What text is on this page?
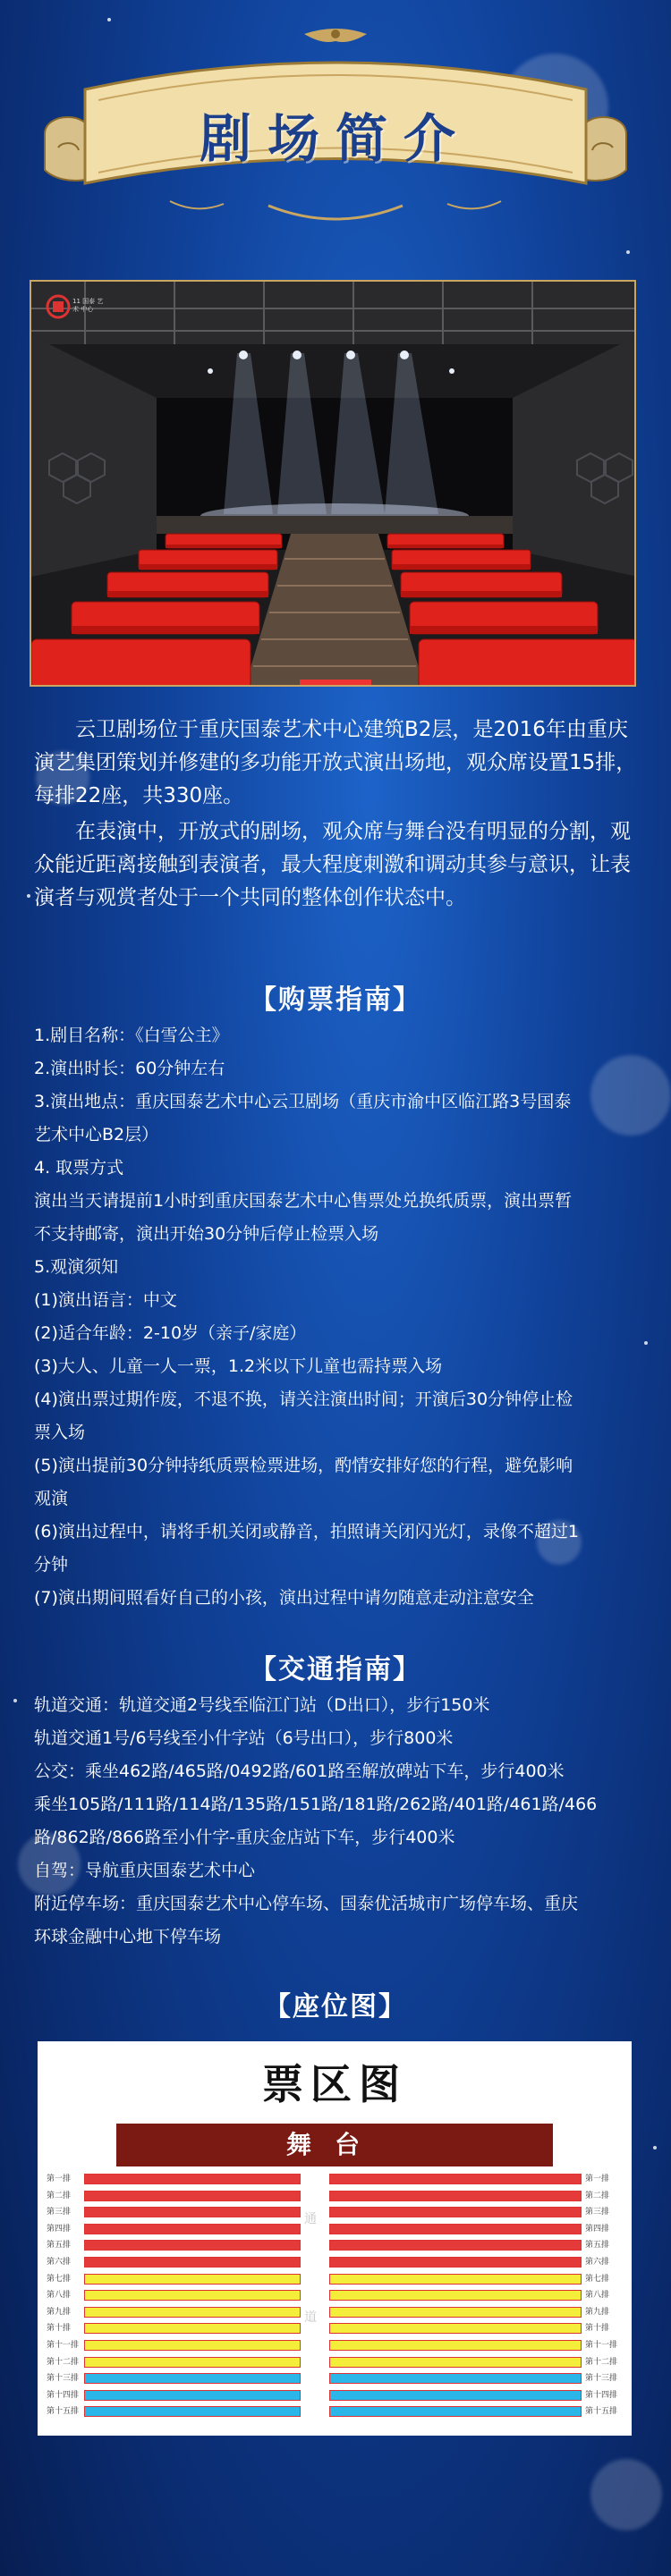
剧场简介
11 国泰 艺术 中心

云卫剧场位于重庆国泰艺术中心建筑B2层，是2016年由重庆演艺集团策划并修建的多功能开放式演出场地，观众席设置15排，每排22座，共330座。

在表演中，开放式的剧场，观众席与舞台没有明显的分割，观众能近距离接触到表演者，最大程度刺激和调动其参与意识，让表演者与观赏者处于一个共同的整体创作状态中。

【购票指南】
1.剧目名称：《白雪公主》
2.演出时长：60分钟左右
3.演出地点：重庆国泰艺术中心云卫剧场（重庆市渝中区临江路3号国泰
艺术中心B2层）
4. 取票方式
演出当天请提前1小时到重庆国泰艺术中心售票处兑换纸质票，演出票暂
不支持邮寄，演出开始30分钟后停止检票入场
5.观演须知
(1)演出语言：中文
(2)适合年龄：2-10岁（亲子/家庭）
(3)大人、儿童一人一票，1.2米以下儿童也需持票入场
(4)演出票过期作废，不退不换，请关注演出时间；开演后30分钟停止检
票入场
(5)演出提前30分钟持纸质票检票进场，酌情安排好您的行程，避免影响
观演
(6)演出过程中，请将手机关闭或静音，拍照请关闭闪光灯，录像不超过1
分钟
(7)演出期间照看好自己的小孩，演出过程中请勿随意走动注意安全
【交通指南】
轨道交通：轨道交通2号线至临江门站（D出口），步行150米
轨道交通1号/6号线至小什字站（6号出口），步行800米
公交：乘坐462路/465路/0492路/601路至解放碑站下车，步行400米
乘坐105路/111路/114路/135路/151路/181路/262路/401路/461路/466
路/862路/866路至小什字-重庆金店站下车，步行400米
自驾：导航重庆国泰艺术中心
附近停车场：重庆国泰艺术中心停车场、国泰优活城市广场停车场、重庆
环球金融中心地下停车场
【座位图】
票区图
舞台
第一排	第一排
第二排	第二排
第三排	第三排
第四排	第四排
第五排	第五排
第六排	第六排
第七排	第七排
第八排	第八排
第九排	第九排
第十排	第十排
第十一排	第十一排
第十二排	第十二排
第十三排	第十三排
第十四排	第十四排
第十五排	第十五排
通
道
